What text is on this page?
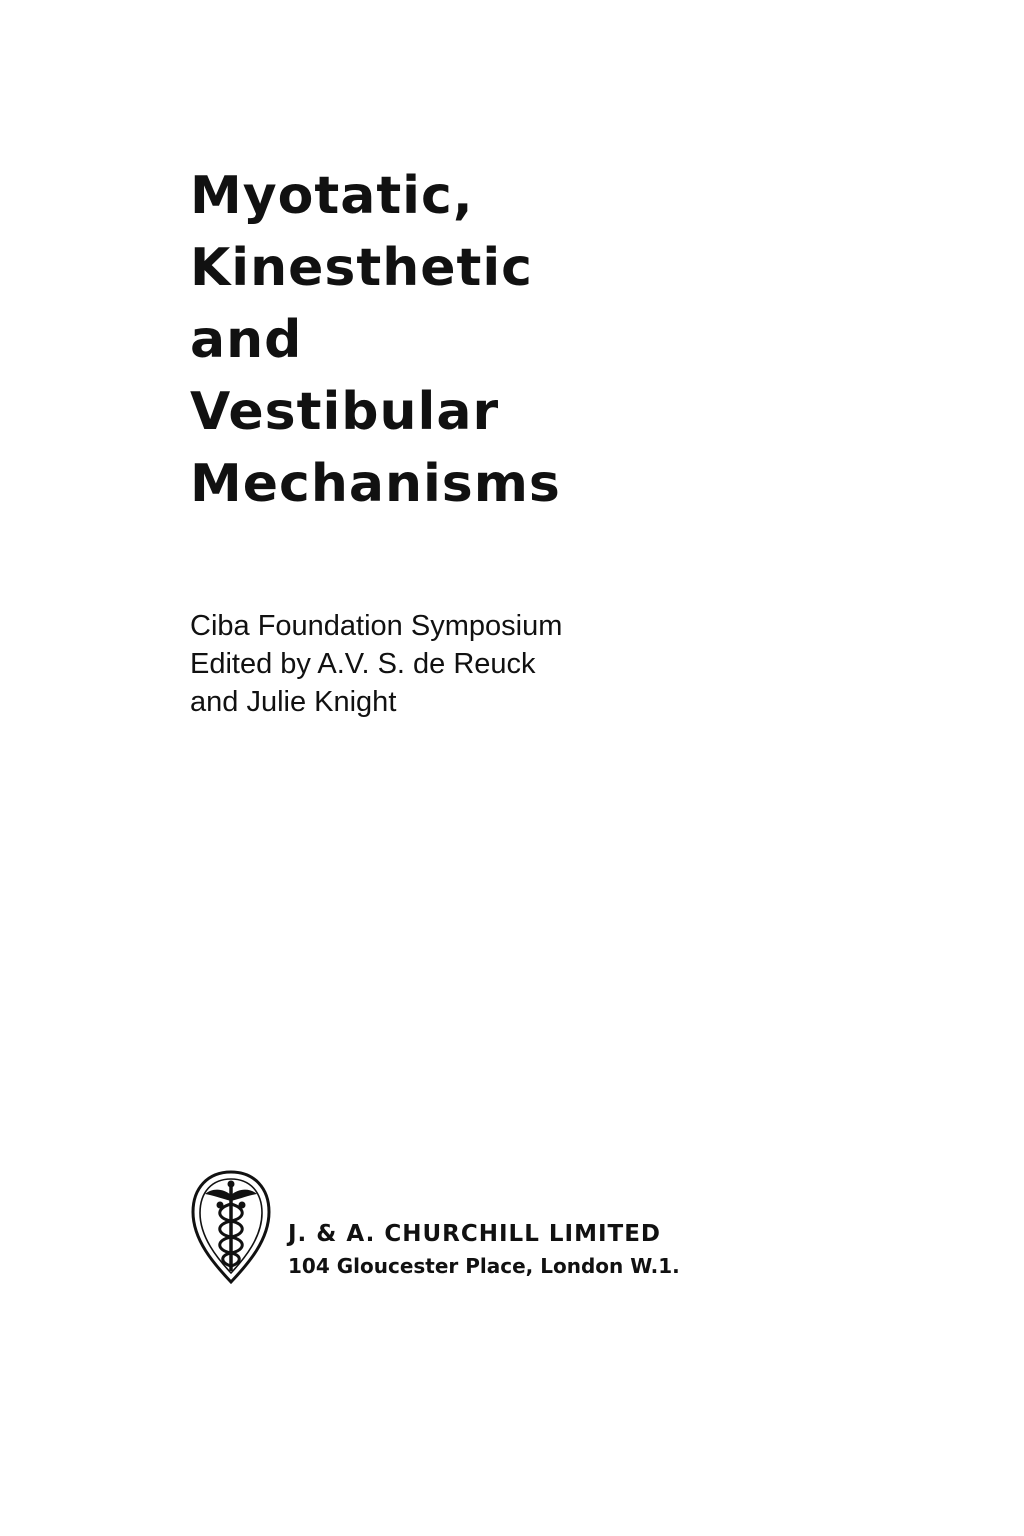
Myotatic,
Kinesthetic
and
Vestibular
Mechanisms
Ciba Foundation Symposium
Edited by A.V. S. de Reuck
and Julie Knight
J. & A. CHURCHILL LIMITED
104 Gloucester Place, London W.1.
